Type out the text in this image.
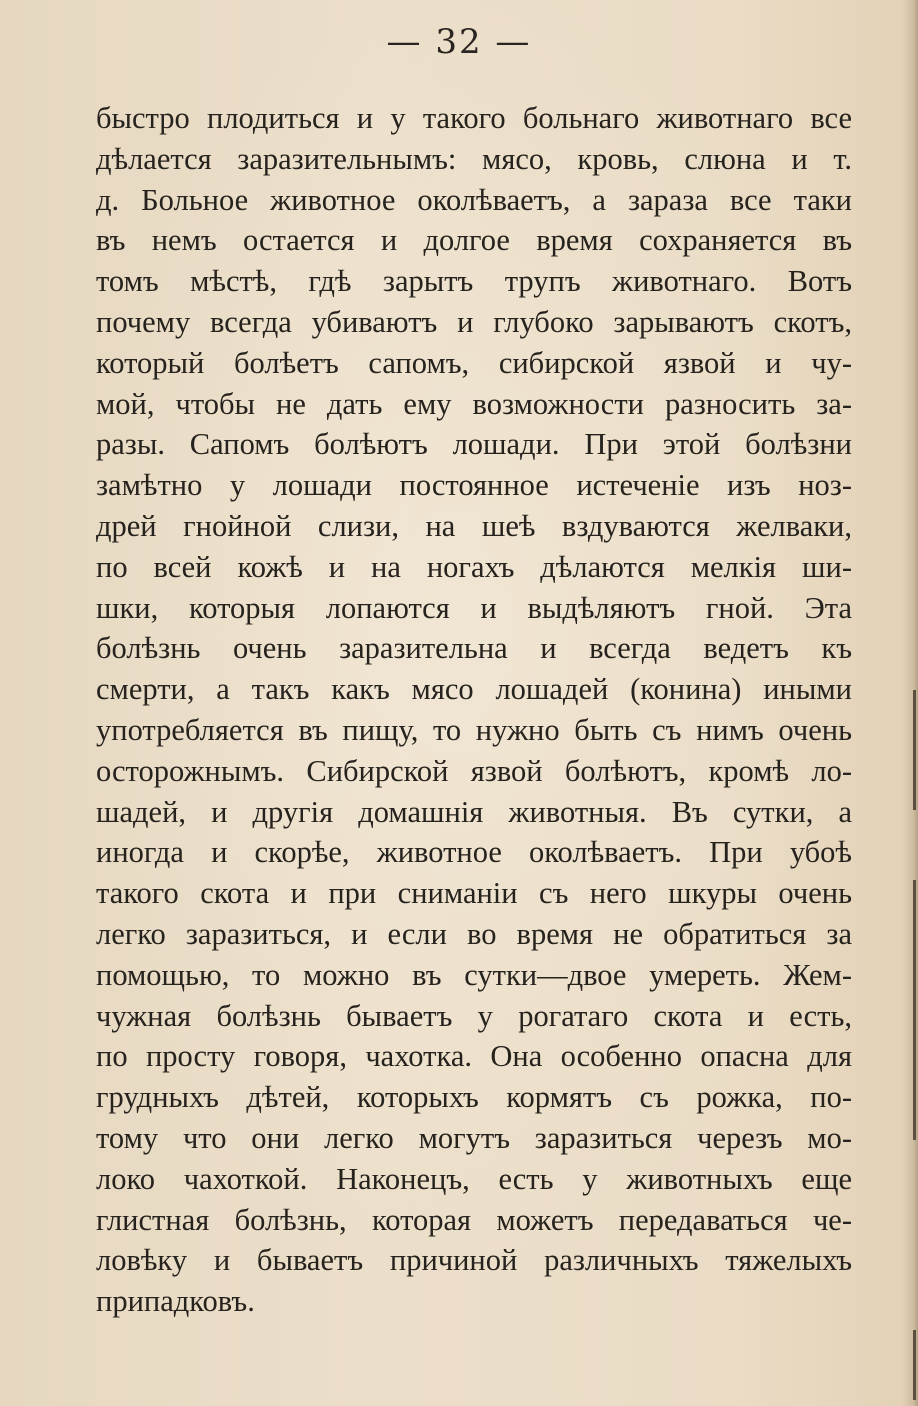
— 32 —
быстро плодиться и у такого больнаго животнаго все
дѣлается заразительнымъ: мясо, кровь, слюна и т.
д. Больное животное околѣваетъ, а зараза все таки
въ немъ остается и долгое время сохраняется въ
томъ мѣстѣ, гдѣ зарытъ трупъ животнаго. Вотъ
почему всегда убиваютъ и глубоко зарываютъ скотъ,
который болѣетъ сапомъ, сибирской язвой и чу-
мой, чтобы не дать ему возможности разносить за-
разы. Сапомъ болѣютъ лошади. При этой болѣзни
замѣтно у лошади постоянное истеченіе изъ ноз-
дрей гнойной слизи, на шеѣ вздуваются желваки,
по всей кожѣ и на ногахъ дѣлаются мелкія ши-
шки, которыя лопаются и выдѣляютъ гной. Эта
болѣзнь очень заразительна и всегда ведетъ къ
смерти, а такъ какъ мясо лошадей (конина) иными
употребляется въ пищу, то нужно быть съ нимъ очень
осторожнымъ. Сибирской язвой болѣютъ, кромѣ ло-
шадей, и другія домашнія животныя. Въ сутки, а
иногда и скорѣе, животное околѣваетъ. При убоѣ
такого скота и при сниманіи съ него шкуры очень
легко заразиться, и если во время не обратиться за
помощью, то можно въ сутки—двое умереть. Жем-
чужная болѣзнь бываетъ у рогатаго скота и есть,
по просту говоря, чахотка. Она особенно опасна для
грудныхъ дѣтей, которыхъ кормятъ съ рожка, по-
тому что они легко могутъ заразиться черезъ мо-
локо чахоткой. Наконецъ, есть у животныхъ еще
глистная болѣзнь, которая можетъ передаваться че-
ловѣку и бываетъ причиной различныхъ тяжелыхъ
припадковъ.
